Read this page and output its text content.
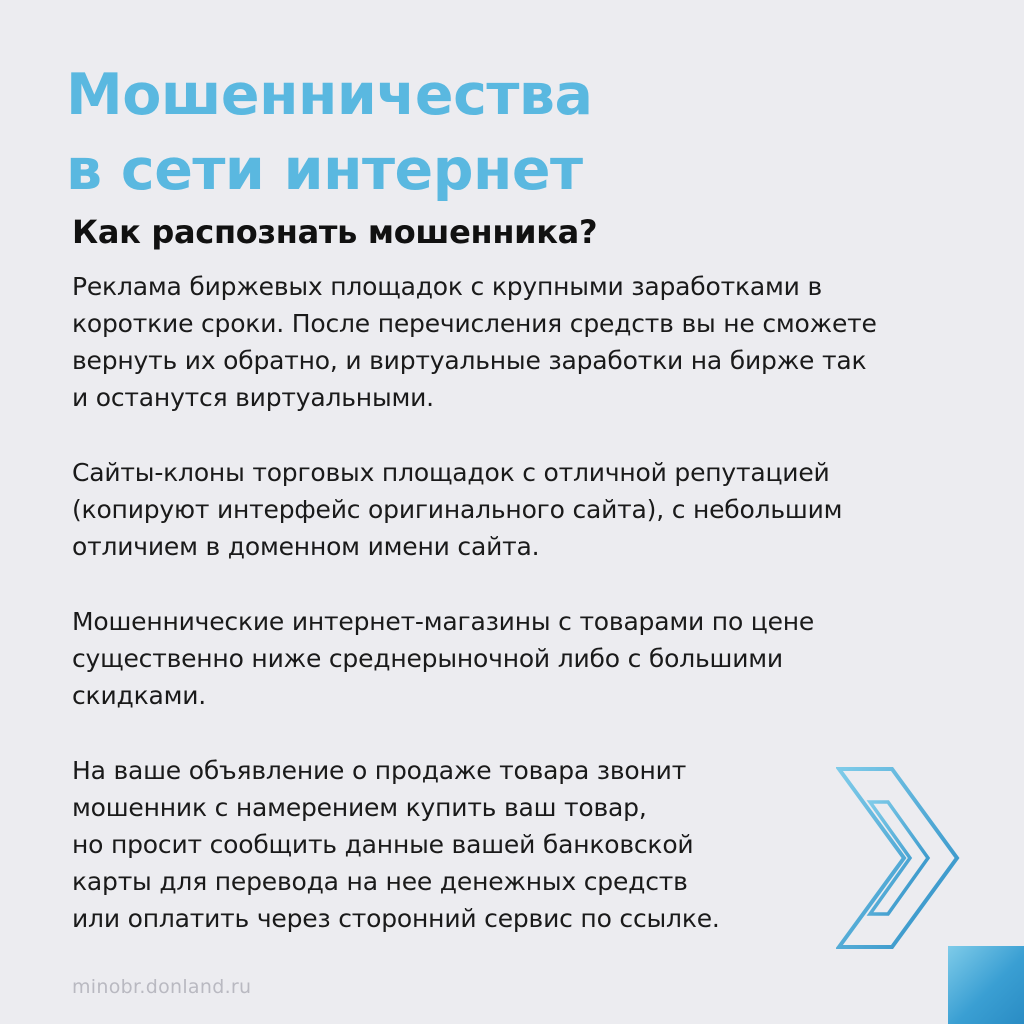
Мошенничества
в сети интернет
Как распознать мошенника?

Реклама биржевых площадок с крупными заработками в
короткие сроки. После перечисления средств вы не сможете
вернуть их обратно, и виртуальные заработки на бирже так
и останутся виртуальными.

Сайты-клоны торговых площадок с отличной репутацией
(копируют интерфейс оригинального сайта), с небольшим
отличием в доменном имени сайта.

Мошеннические интернет-магазины с товарами по цене
существенно ниже среднерыночной либо с большими
скидками.

На ваше объявление о продаже товара звонит
мошенник с намерением купить ваш товар,
но просит сообщить данные вашей банковской
карты для перевода на нее денежных средств
или оплатить через сторонний сервис по ссылке.

minobr.donland.ru
